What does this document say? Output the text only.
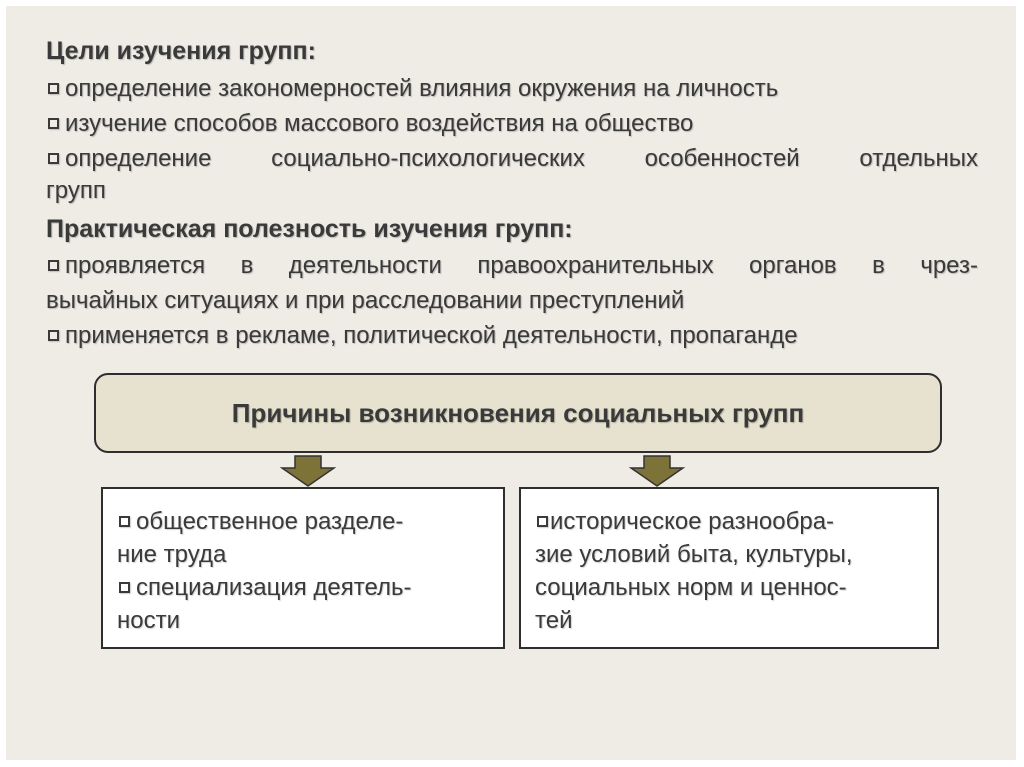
Цели изучения групп:
определение закономерностей влияния окружения на личность
изучение способов массового воздействия на общество
определение социально-психологических особенностей отдельных
групп
Практическая полезность изучения групп:
проявляется в деятельности правоохранительных органов в чрез-
вычайных ситуациях и при расследовании преступлений
применяется в рекламе, политической деятельности, пропаганде
Причины возникновения социальных групп
общественное разделе-
ние труда
специализация деятель-
ности
историческое разнообра-
зие условий быта, культуры,
социальных норм и ценнос-
тей
